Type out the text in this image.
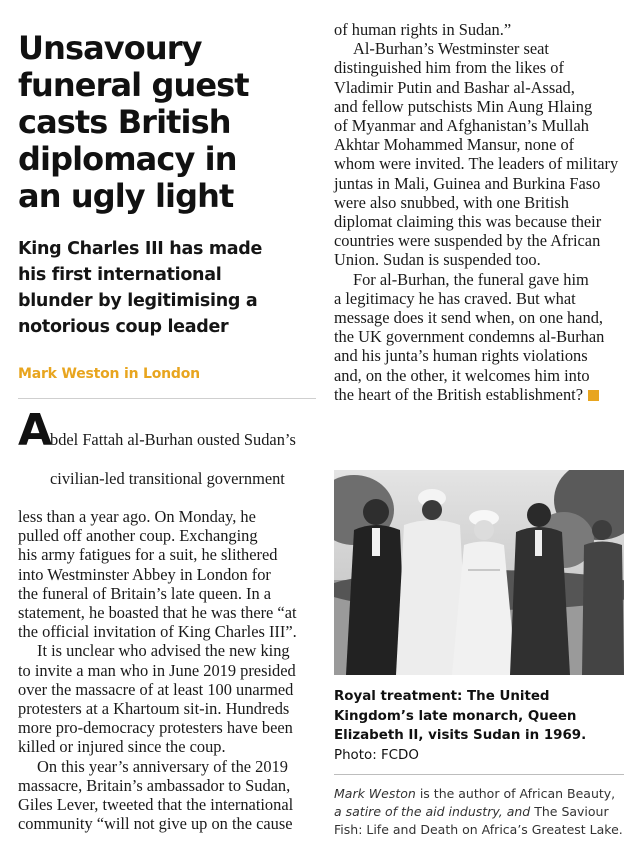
Unsavoury
funeral guest
casts British
diplomacy in
an ugly light
King Charles III has made
his first international
blunder by legitimising a
notorious coup leader
Mark Weston in London
A

bdel Fattah al-Burhan ousted Sudan’s

civilian-led transitional government

less than a year ago. On Monday, he
pulled off another coup. Exchanging
his army fatigues for a suit, he slithered
into Westminster Abbey in London for
the funeral of Britain’s late queen. In a
statement, he boasted that he was there “at
the official invitation of King Charles III”.
It is unclear who advised the new king
to invite a man who in June 2019 presided
over the massacre of at least 100 unarmed
protesters at a Khartoum sit-in. Hundreds
more pro-democracy protesters have been
killed or injured since the coup.
On this year’s anniversary of the 2019
massacre, Britain’s ambassador to Sudan,
Giles Lever, tweeted that the international
community “will not give up on the cause
of human rights in Sudan.”
Al-Burhan’s Westminster seat
distinguished him from the likes of
Vladimir Putin and Bashar al-Assad,
and fellow putschists Min Aung Hlaing
of Myanmar and Afghanistan’s Mullah
Akhtar Mohammed Mansur, none of
whom were invited. The leaders of military
juntas in Mali, Guinea and Burkina Faso
were also snubbed, with one British
diplomat claiming this was because their
countries were suspended by the African
Union. Sudan is suspended too.
For al-Burhan, the funeral gave him
a legitimacy he has craved. But what
message does it send when, on one hand,
the UK government condemns al-Burhan
and his junta’s human rights violations
and, on the other, it welcomes him into
the heart of the British establishment?
Royal treatment: The United Kingdom’s late monarch, Queen Elizabeth II, visits Sudan in 1969. Photo: FCDO
Mark Weston is the author of African Beauty, a satire of the aid industry, and The Saviour Fish: Life and Death on Africa’s Greatest Lake.
